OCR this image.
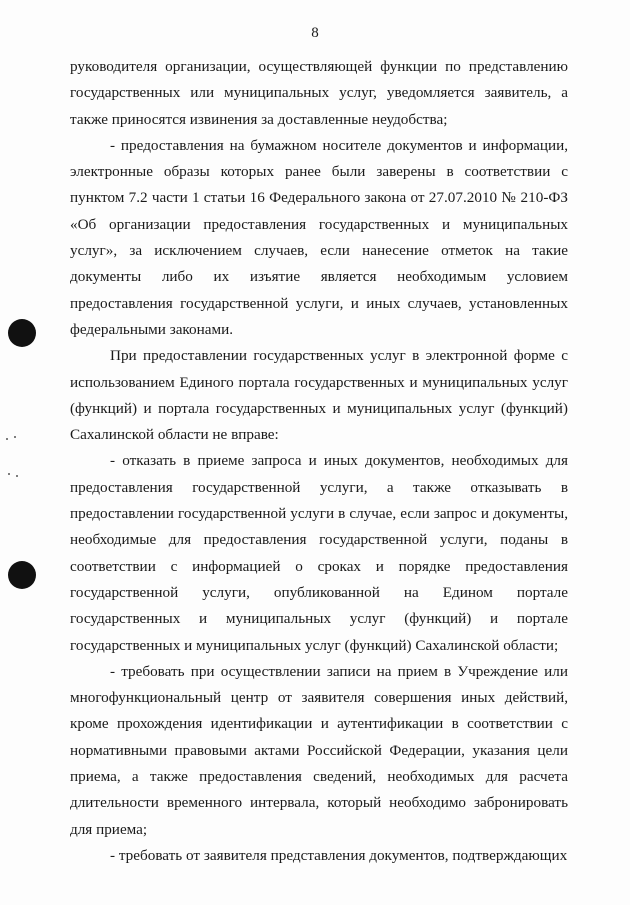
8

руководителя организации, осуществляющей функции по представлению государственных или муниципальных услуг, уведомляется заявитель, а также приносятся извинения за доставленные неудобства;

- предоставления на бумажном носителе документов и информации, электронные образы которых ранее были заверены в соответствии с пунктом 7.2 части 1 статьи 16 Федерального закона от 27.07.2010 № 210-ФЗ «Об организации предоставления государственных и муниципальных услуг», за исключением случаев, если нанесение отметок на такие документы либо их изъятие является необходимым условием предоставления государственной услуги, и иных случаев, установленных федеральными законами.

При предоставлении государственных услуг в электронной форме с использованием Единого портала государственных и муниципальных услуг (функций) и портала государственных и муниципальных услуг (функций) Сахалинской области не вправе:

- отказать в приеме запроса и иных документов, необходимых для предоставления государственной услуги, а также отказывать в предоставлении государственной услуги в случае, если запрос и документы, необходимые для предоставления государственной услуги, поданы в соответствии с информацией о сроках и порядке предоставления государственной услуги, опубликованной на Едином портале государственных и муниципальных услуг (функций) и портале государственных и муниципальных услуг (функций) Сахалинской области;

- требовать при осуществлении записи на прием в Учреждение или многофункциональный центр от заявителя совершения иных действий, кроме прохождения идентификации и аутентификации в соответствии с нормативными правовыми актами Российской Федерации, указания цели приема, а также предоставления сведений, необходимых для расчета длительности временного интервала, который необходимо забронировать для приема;

- требовать от заявителя представления документов, подтверждающих
